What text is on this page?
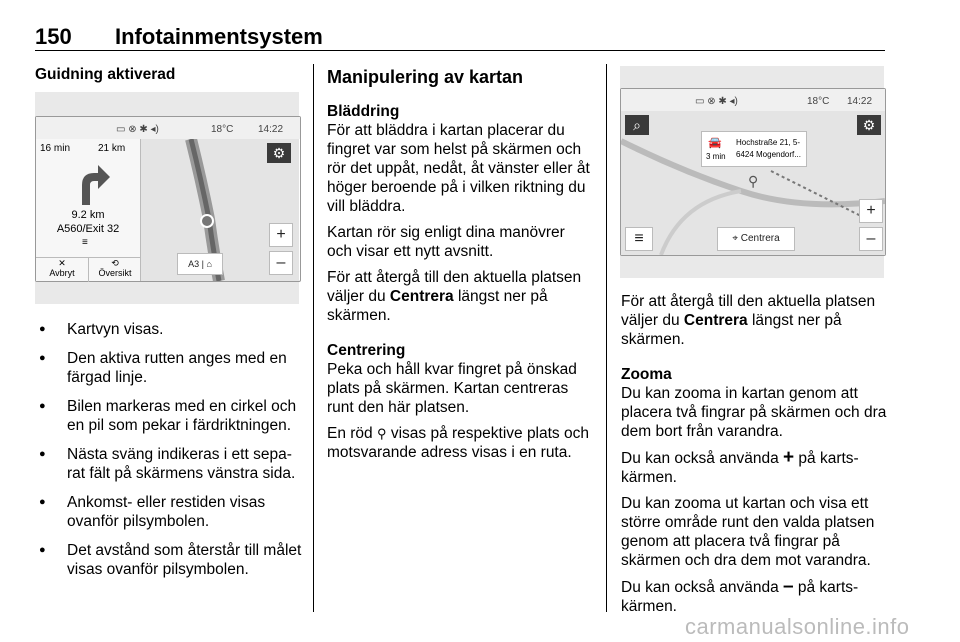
150 Infotainmentsystem
Guidning aktiverad
▭ ⊗ ✱ ◂)	18°C 14:22
16 min	21 km
9.2 km
A560/Exit 32
≡
✕
Avbryt
⟲
Översikt
⚙
+
–
A3 | ⌂
● Kartvyn visas.
● Den aktiva rutten anges med en färgad linje.
● Bilen markeras med en cirkel och en pil som pekar i färdriktningen.
● Nästa sväng indikeras i ett sepa-rat fält på skärmens vänstra sida.
● Ankomst- eller restiden visas ovanför pilsymbolen.
● Det avstånd som återstår till målet visas ovanför pilsymbolen.
Manipulering av kartan
Bläddring

För att bläddra i kartan placerar du fingret var som helst på skärmen och rör det uppåt, nedåt, åt vänster eller åt höger beroende på i vilken riktning du vill bläddra.

Kartan rör sig enligt dina manövrer och visar ett nytt avsnitt.

För att återgå till den aktuella platsen väljer du Centrera längst ner på skärmen.

Centrering

Peka och håll kvar fingret på önskad plats på skärmen. Kartan centreras runt den här platsen.

En röd ⚲ visas på respektive plats och motsvarande adress visas i en ruta.

▭ ⊗ ✱ ◂)	18°C 14:22
⌕	⚙
🚘
3 min
Hochstraße 21, 5-
6424 Mogendorf...
⚲
+
–
≡	⌖ Centrera

För att återgå till den aktuella platsen väljer du Centrera längst ner på skärmen.

Zooma

Du kan zooma in kartan genom att placera två fingrar på skärmen och dra dem bort från varandra.

Du kan också använda + på karts-kärmen.

Du kan zooma ut kartan och visa ett större område runt den valda platsen genom att placera två fingrar på skärmen och dra dem mot varandra.

Du kan också använda – på karts-kärmen.

carmanualsonline.info
